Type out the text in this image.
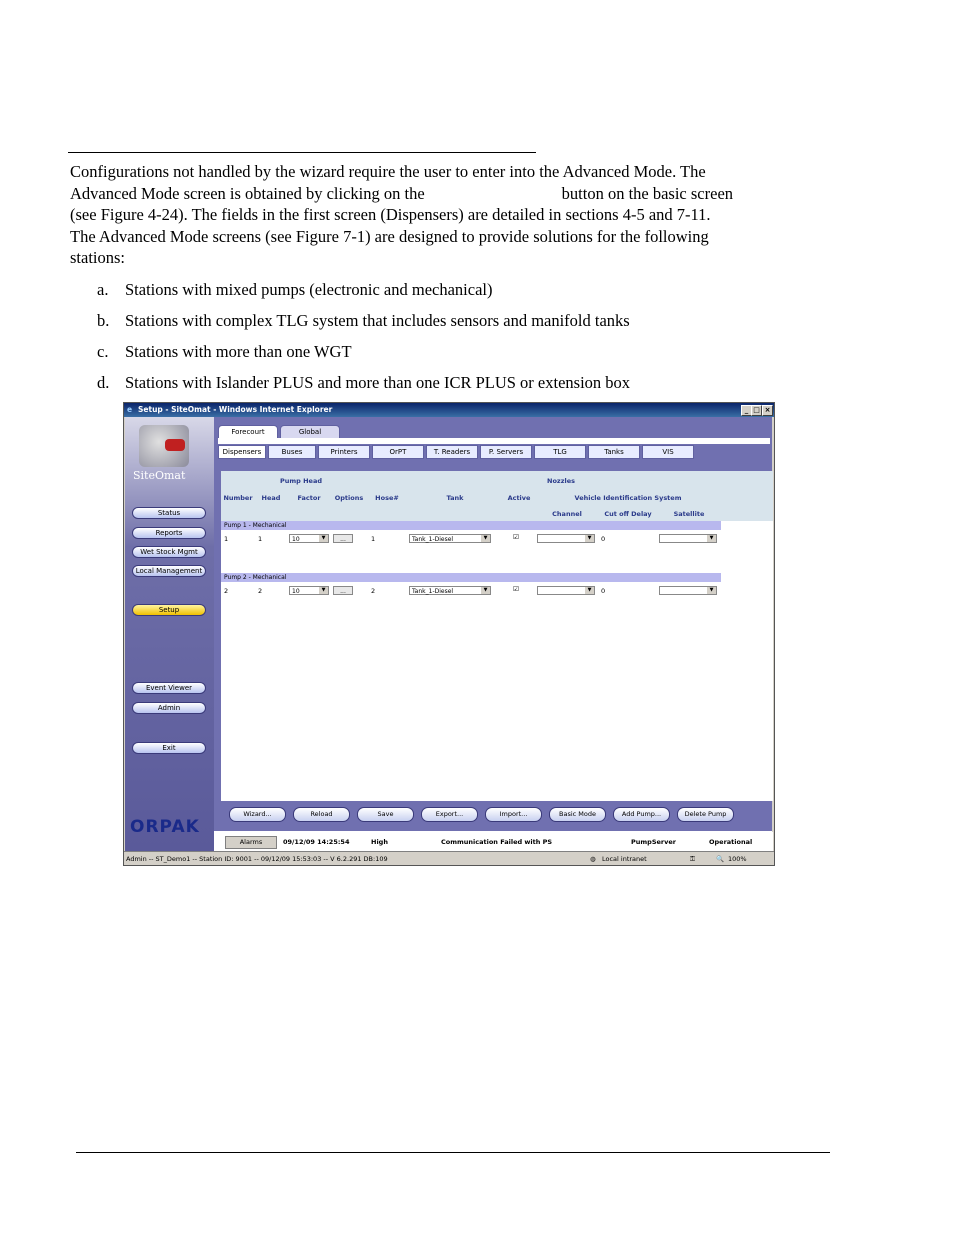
Configurations not handled by the wizard require the user to enter into the Advanced Mode. The
Advanced Mode screen is obtained by clicking on the	button on the basic screen
(see Figure 4-24). The fields in the first screen (Dispensers) are detailed in sections 4-5 and 7-11.
The Advanced Mode screens (see Figure 7-1) are designed to provide solutions for the following
stations:
a. Stations with mixed pumps (electronic and mechanical)
b. Stations with complex TLG system that includes sensors and manifold tanks
c. Stations with more than one WGT
d. Stations with Islander PLUS and more than one ICR PLUS or extension box
e Setup - SiteOmat - Windows Internet Explorer	_ □ ×
SiteOmat
Status
Reports
Wet Stock Mgmt
Local Management
Setup
Event Viewer
Admin
Exit
ORPAK
Forecourt	Global
Dispensers	Buses	Printers	OrPT	T. Readers	P. Servers	TLG	Tanks	VIS
Pump Head	Nozzles
Number	Head	Factor	Options	Hose#	Tank	Active	Vehicle Identification System
Channel	Cut off Delay	Satellite
Pump 1 - Mechanical
1	1	10	▼	...	1	Tank_1-Diesel	▼	☑	▼	0	▼
Pump 2 - Mechanical
2	2	10	▼	...	2	Tank_1-Diesel	▼	☑	▼	0	▼
Wizard...	Reload	Save	Export...	Import...	Basic Mode	Add Pump...	Delete Pump
Alarms	09/12/09 14:25:54	High	Communication Failed with PS	PumpServer	Operational
Admin -- ST_Demo1 -- Station ID: 9001 -- 09/12/09 15:53:03 -- V 6.2.291 DB:109	◍ Local intranet	⚿	🔍 100%
